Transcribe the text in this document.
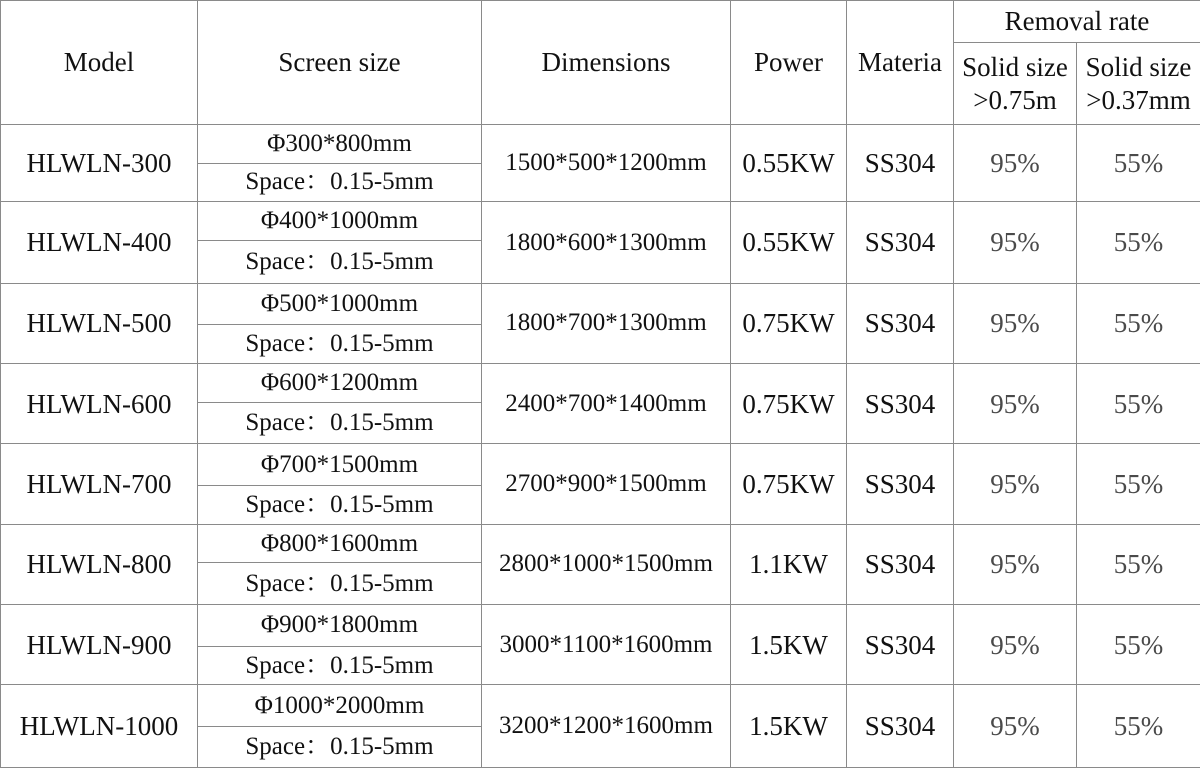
Model	Screen size	Dimensions	Power	Materia	Removal rate	
					Solid size >0.75m	Solid size >0.37mm
HLWLN-300	Φ300*800mm	1500*500*1200mm	0.55KW	SS304	95%	55%
	Space：0.15-5mm					
HLWLN-400	Φ400*1000mm	1800*600*1300mm	0.55KW	SS304	95%	55%
	Space：0.15-5mm					
HLWLN-500	Φ500*1000mm	1800*700*1300mm	0.75KW	SS304	95%	55%
	Space：0.15-5mm					
HLWLN-600	Φ600*1200mm	2400*700*1400mm	0.75KW	SS304	95%	55%
	Space：0.15-5mm					
HLWLN-700	Φ700*1500mm	2700*900*1500mm	0.75KW	SS304	95%	55%
	Space：0.15-5mm					
HLWLN-800	Φ800*1600mm	2800*1000*1500mm	1.1KW	SS304	95%	55%
	Space：0.15-5mm					
HLWLN-900	Φ900*1800mm	3000*1100*1600mm	1.5KW	SS304	95%	55%
	Space：0.15-5mm					
HLWLN-1000	Φ1000*2000mm	3200*1200*1600mm	1.5KW	SS304	95%	55%
	Space：0.15-5mm					
